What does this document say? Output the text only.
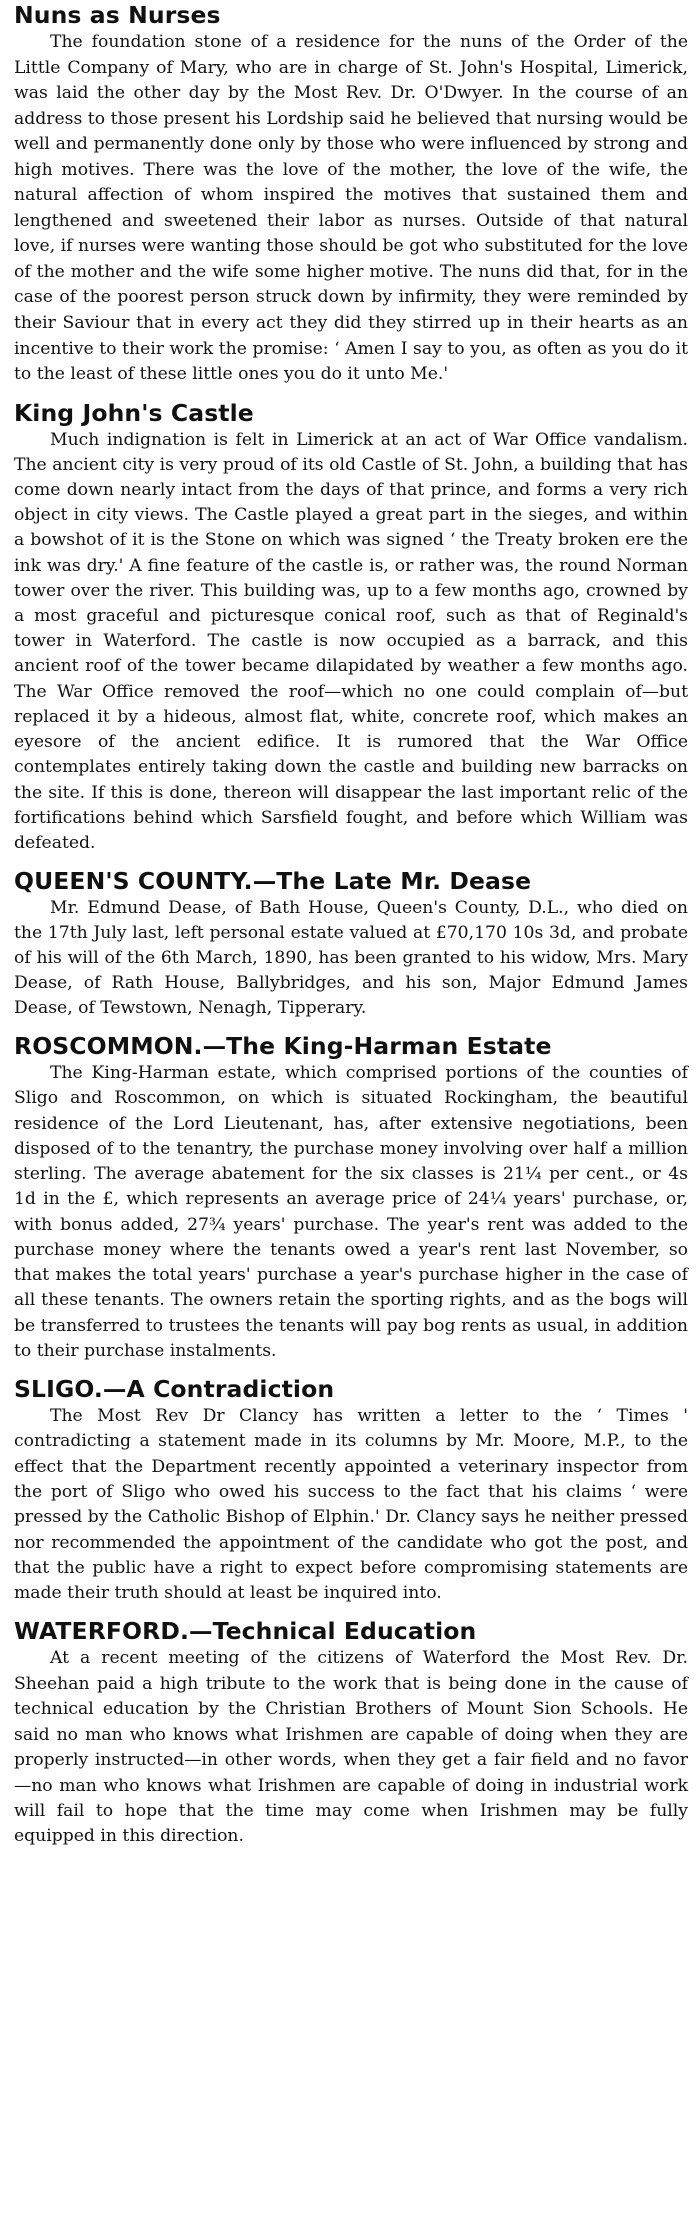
Nuns as Nurses

The foundation stone of a residence for the nuns of the Order of the Little Company of Mary, who are in charge of St. John's Hospital, Limerick, was laid the other day by the Most Rev. Dr. O'Dwyer. In the course of an address to those present his Lordship said he believed that nursing would be well and permanently done only by those who were influenced by strong and high motives. There was the love of the mother, the love of the wife, the natural affection of whom inspired the motives that sustained them and lengthened and sweetened their labor as nurses. Outside of that natural love, if nurses were wanting those should be got who substituted for the love of the mother and the wife some higher motive. The nuns did that, for in the case of the poorest person struck down by infirmity, they were reminded by their Saviour that in every act they did they stirred up in their hearts as an incentive to their work the promise: ‘ Amen I say to you, as often as you do it to the least of these little ones you do it unto Me.'

King John's Castle

Much indignation is felt in Limerick at an act of War Office vandalism. The ancient city is very proud of its old Castle of St. John, a building that has come down nearly intact from the days of that prince, and forms a very rich object in city views. The Castle played a great part in the sieges, and within a bowshot of it is the Stone on which was signed ‘ the Treaty broken ere the ink was dry.' A fine feature of the castle is, or rather was, the round Norman tower over the river. This building was, up to a few months ago, crowned by a most graceful and picturesque conical roof, such as that of Reginald's tower in Waterford. The castle is now occupied as a barrack, and this ancient roof of the tower became dilapidated by weather a few months ago. The War Office removed the roof—which no one could complain of—but replaced it by a hideous, almost flat, white, concrete roof, which makes an eyesore of the ancient edifice. It is rumored that the War Office contemplates entirely taking down the castle and building new barracks on the site. If this is done, thereon will disappear the last important relic of the fortifications behind which Sarsfield fought, and before which William was defeated.

QUEEN'S COUNTY.—The Late Mr. Dease

Mr. Edmund Dease, of Bath House, Queen's County, D.L., who died on the 17th July last, left personal estate valued at £70,170 10s 3d, and probate of his will of the 6th March, 1890, has been granted to his widow, Mrs. Mary Dease, of Rath House, Ballybridges, and his son, Major Edmund James Dease, of Tewstown, Nenagh, Tipperary.

ROSCOMMON.—The King-Harman Estate

The King-Harman estate, which comprised portions of the counties of Sligo and Roscommon, on which is situated Rockingham, the beautiful residence of the Lord Lieutenant, has, after extensive negotiations, been disposed of to the tenantry, the purchase money involving over half a million sterling. The average abatement for the six classes is 21¼ per cent., or 4s 1d in the £, which represents an average price of 24¼ years' purchase, or, with bonus added, 27¾ years' purchase. The year's rent was added to the purchase money where the tenants owed a year's rent last November, so that makes the total years' purchase a year's purchase higher in the case of all these tenants. The owners retain the sporting rights, and as the bogs will be transferred to trustees the tenants will pay bog rents as usual, in addition to their purchase instalments.

SLIGO.—A Contradiction

The Most Rev Dr Clancy has written a letter to the ‘ Times ' contradicting a statement made in its columns by Mr. Moore, M.P., to the effect that the Department recently appointed a veterinary inspector from the port of Sligo who owed his success to the fact that his claims ‘ were pressed by the Catholic Bishop of Elphin.' Dr. Clancy says he neither pressed nor recommended the appointment of the candidate who got the post, and that the public have a right to expect before compromising statements are made their truth should at least be inquired into.

WATERFORD.—Technical Education

At a recent meeting of the citizens of Waterford the Most Rev. Dr. Sheehan paid a high tribute to the work that is being done in the cause of technical education by the Christian Brothers of Mount Sion Schools. He said no man who knows what Irishmen are capable of doing when they are properly instructed—in other words, when they get a fair field and no favor—no man who knows what Irishmen are capable of doing in industrial work will fail to hope that the time may come when Irishmen may be fully equipped in this direction.
